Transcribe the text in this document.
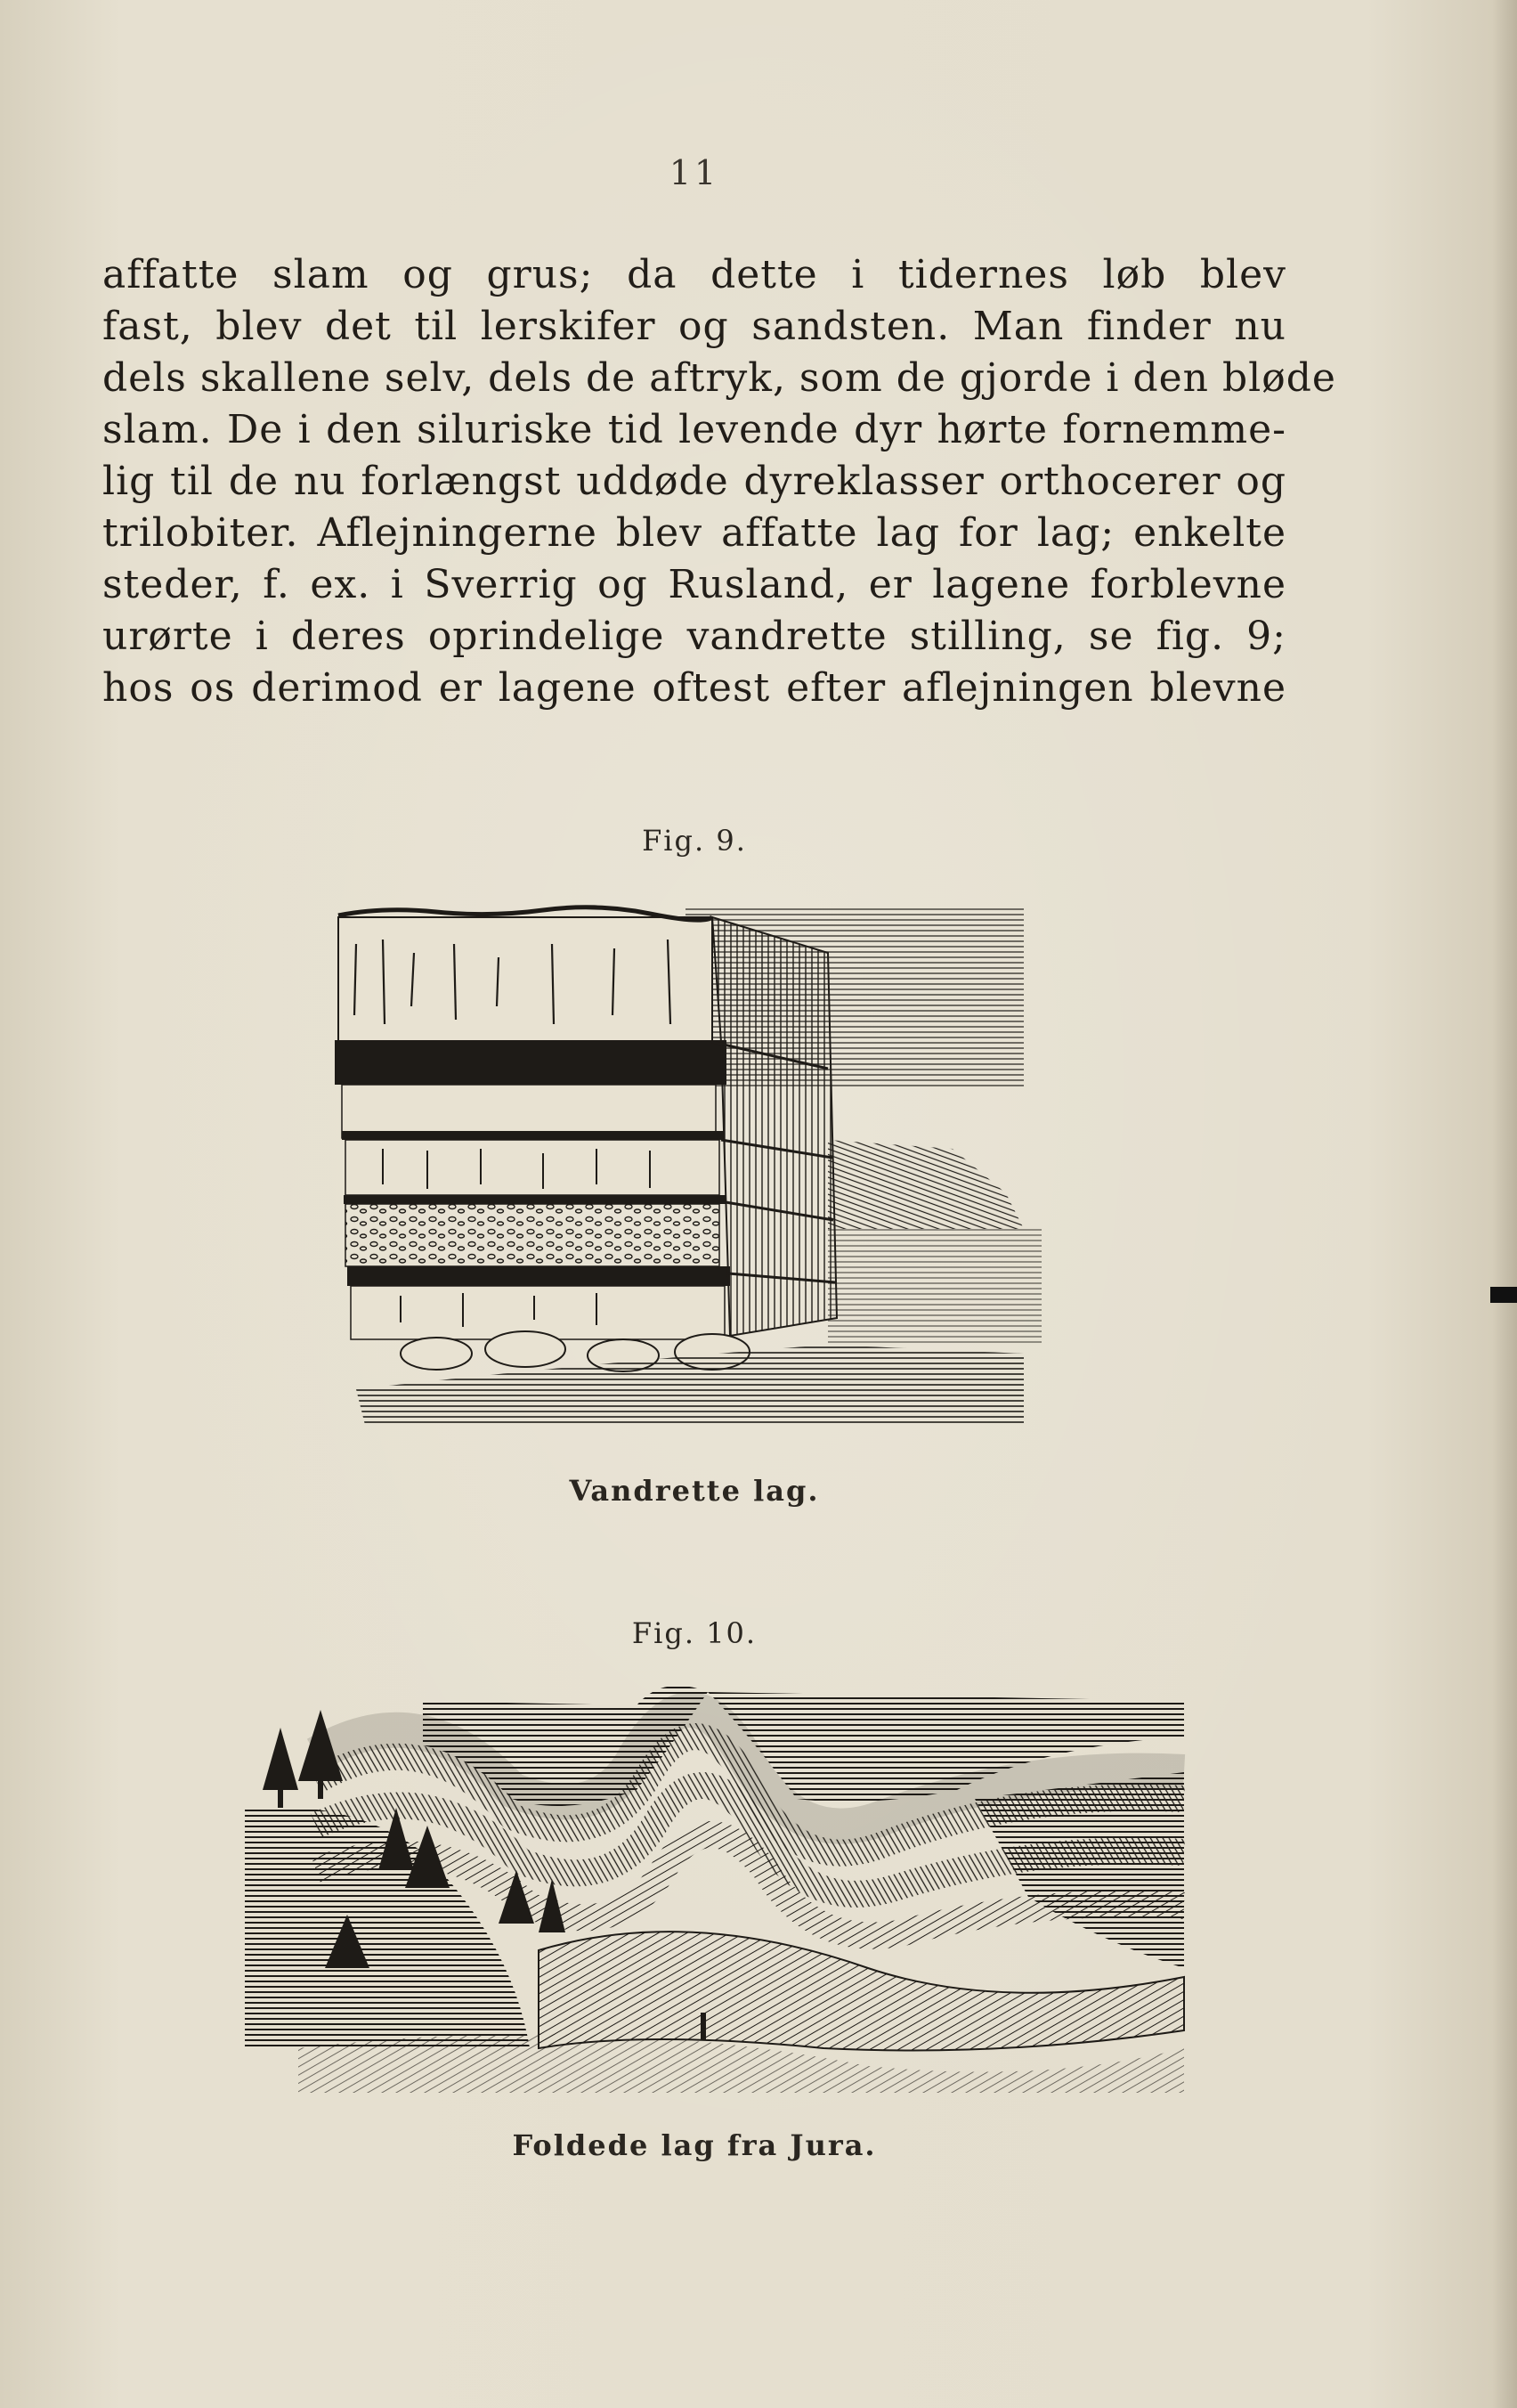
11
affatte slam og grus; da dette i tidernes løb blev
fast, blev det til lerskifer og sandsten. Man finder nu
dels skallene selv, dels de aftryk, som de gjorde i den bløde
slam. De i den siluriske tid levende dyr hørte fornemme-
lig til de nu forlængst uddøde dyreklasser orthocerer og
trilobiter. Aflejningerne blev affatte lag for lag; enkelte
steder, f. ex. i Sverrig og Rusland, er lagene forblevne
urørte i deres oprindelige vandrette stilling, se fig. 9;
hos os derimod er lagene oftest efter aflejningen blevne
Fig. 9.
Vandrette lag.
Fig. 10.
Foldede lag fra Jura.
